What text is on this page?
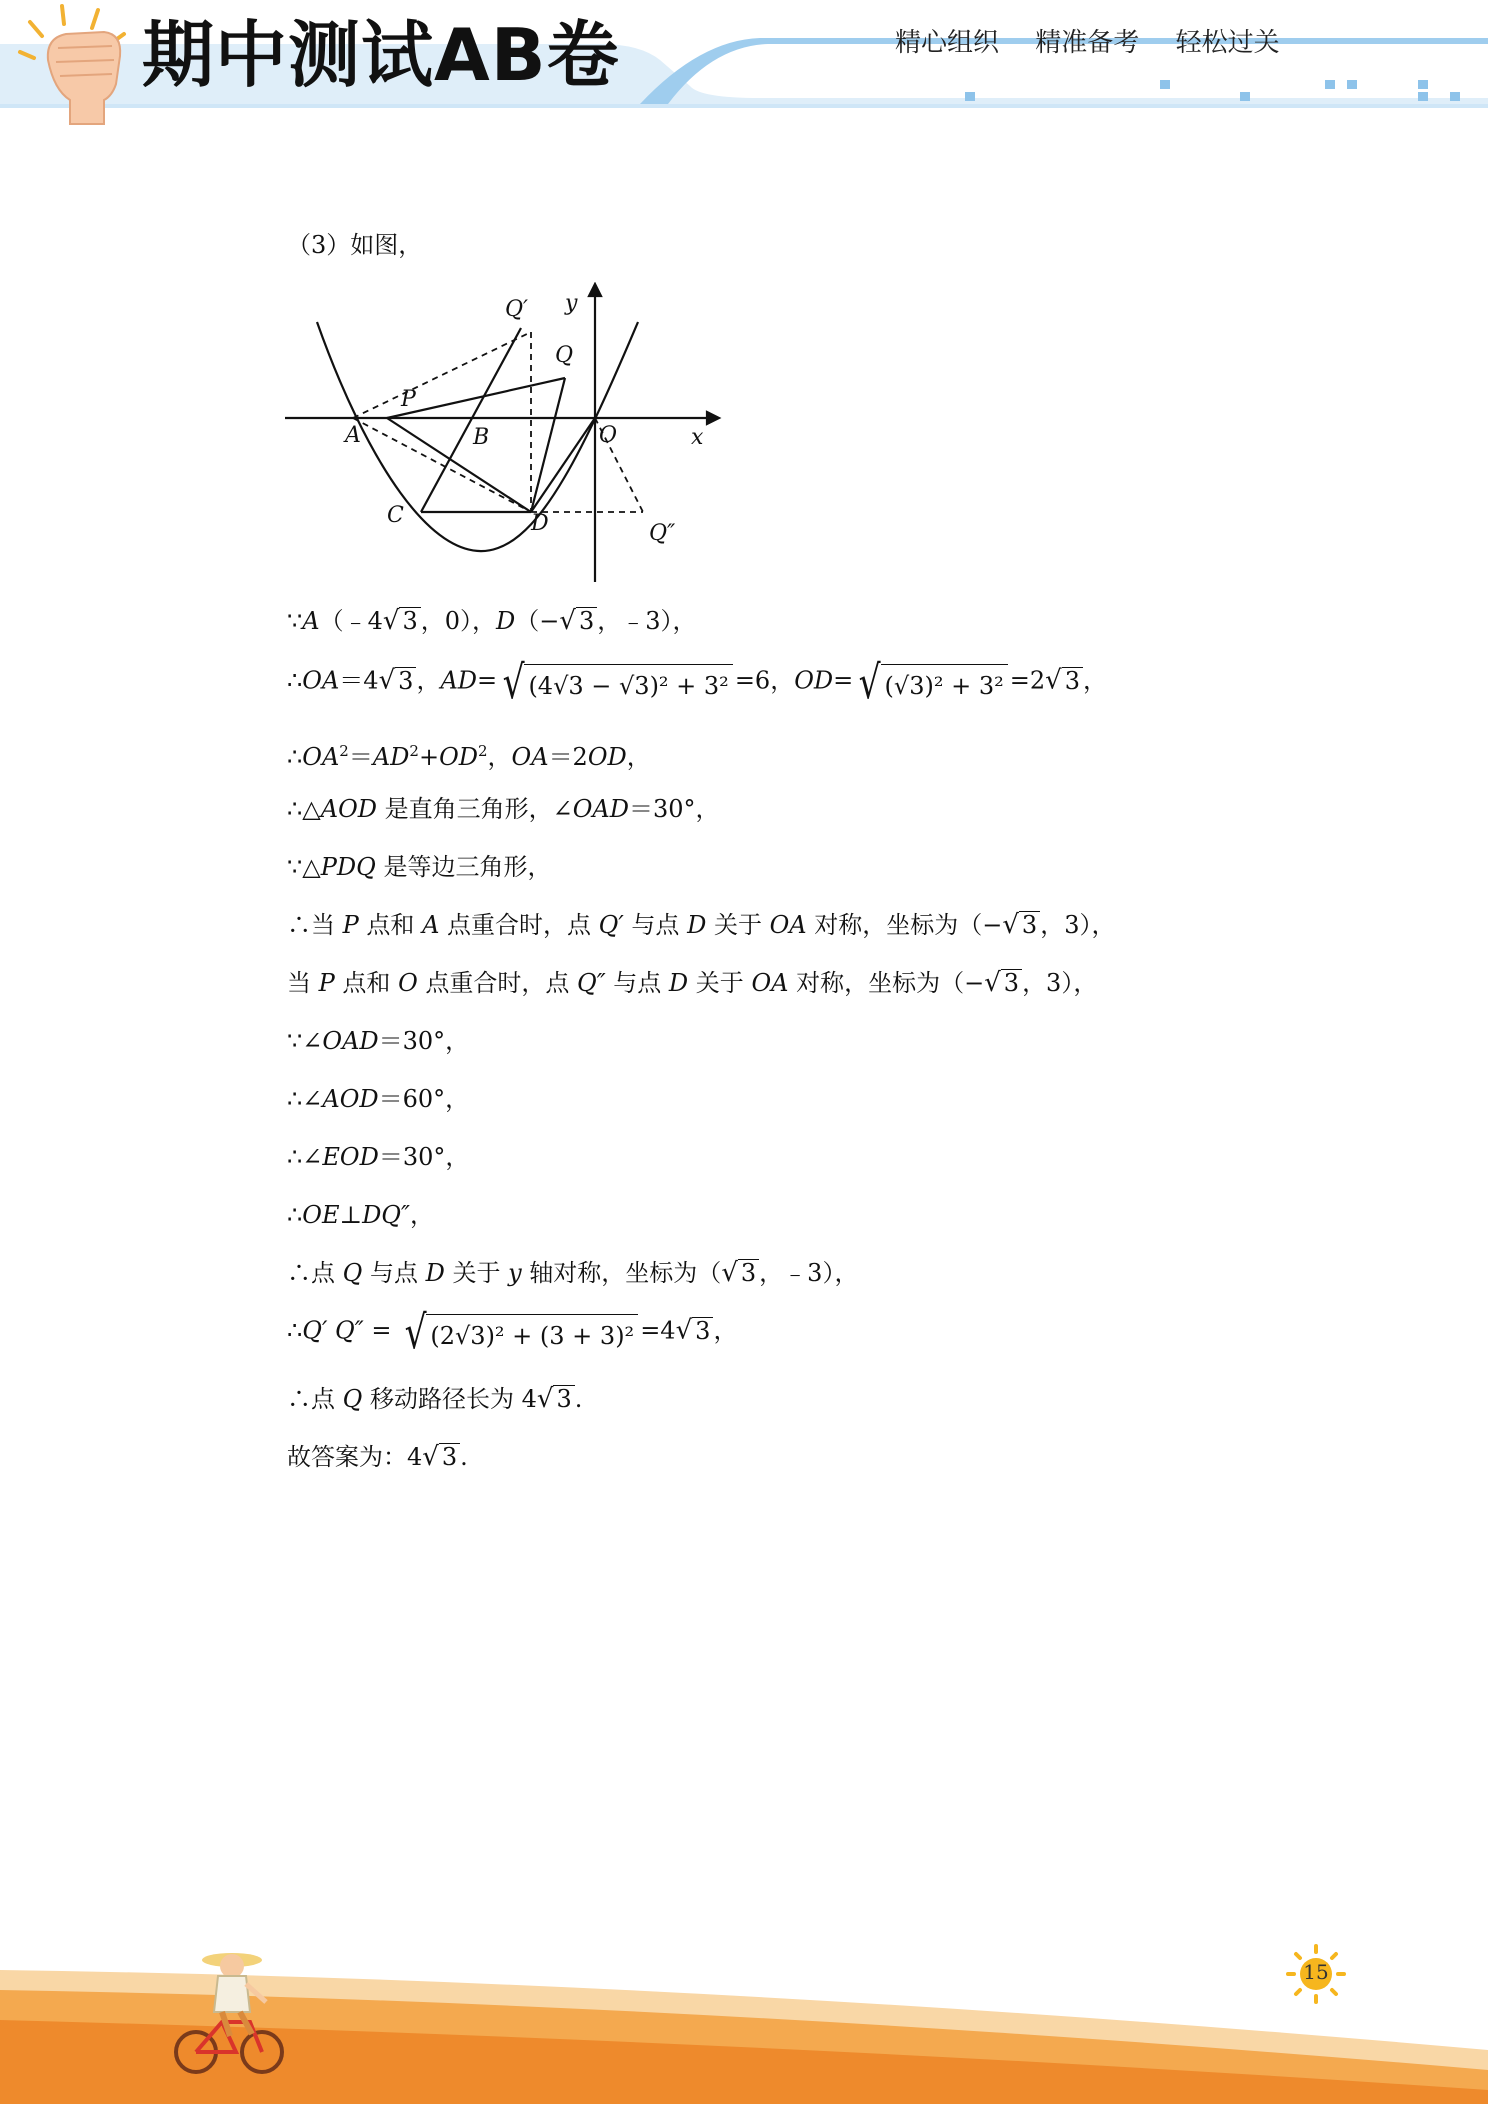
期中测试AB卷	精心组织 精准备考 轻松过关
（3）如图，
∵A（﹣4√ 3 ，0），D（−√ 3 ，﹣3），
∴OA＝4√ 3 ，AD= √ (4√3 − √3)² + 3² =6，OD= √ (√3)² + 3² =2√ 3 ，
$\therefore OA^2=AD^2+OD^2$，OA＝2OD，
∴△AOD 是直角三角形，∠OAD＝30°，
∵△PDQ 是等边三角形，
∴当 P 点和 A 点重合时，点 Q′ 与点 D 关于 OA 对称，坐标为（−√ 3 ，3），
当 P 点和 O 点重合时，点 Q″ 与点 D 关于 OA 对称，坐标为（−√ 3 ，3），
∵∠OAD＝30°，
∴∠AOD＝60°，
∴∠EOD＝30°，
∴OE⊥DQ″，
∴点 Q 与点 D 关于 y 轴对称，坐标为（√ 3 ，﹣3），
∴Q′ Q″ = √ (2√3)² + (3 + 3)² =4√ 3 ，
∴点 Q 移动路径长为 4√ 3 .
故答案为：4√ 3 .
y
x
Q′
Q
P
A	B	O
C	D	Q″
15
